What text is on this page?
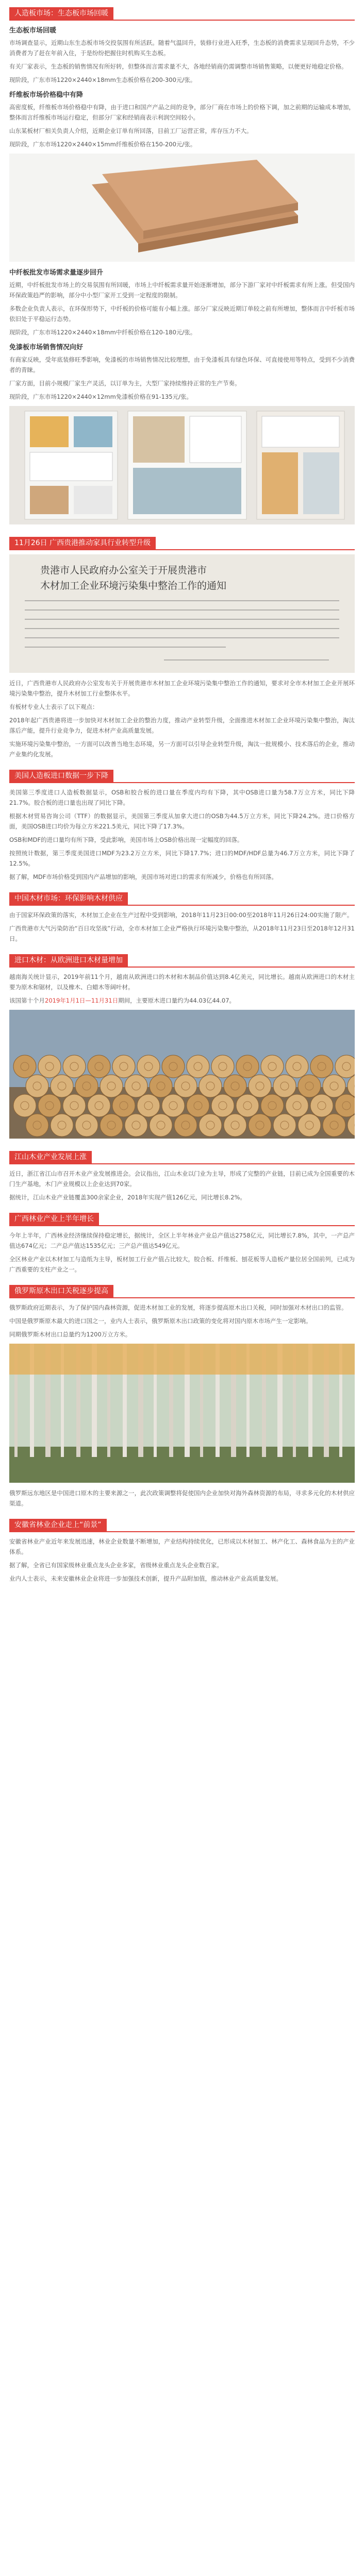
人造板市场：生态板市场回暖
生态板市场回暖

市场调查显示，近期山东生态板市场交投氛围有所活跃。随着气温回升，装修行业进入旺季，生态板的消费需求呈现回升态势，不少消费者为了赶在年前入住，于是纷纷把握住时机购买生态板。

有关厂家表示，生态板的销售情况有所好转，但整体而言需求量不大，各地经销商仍需调整市场销售策略，以便更好地稳定价格。

现阶段，广东市场1220×2440×18mm生态板价格在200-300元/张。

纤维板市场价格稳中有降

高密度板，纤维板市场价格稳中有降，由于进口和国产产品之间的竞争，部分厂商在市场上的价格下调，加之前期的运输成本增加，整体而言纤维板市场运行稳定，但部分厂家和经销商表示利润空间较小。

山东某板材厂相关负责人介绍，近期企业订单有所回落，目前工厂运营正常，库存压力不大。

现阶段，广东市场1220×2440×15mm纤维板价格在150-200元/张。

中纤板批发市场需求量逐步回升

近期，中纤板批发市场上的交易氛围有所回暖，市场上中纤板需求量开始逐渐增加，部分下游厂家对中纤板需求有所上涨。但受国内环保政策趋严的影响，部分中小型厂家开工受到一定程度的限制。

多数企业负责人表示，在环保形势下，中纤板的价格可能有小幅上涨。部分厂家反映近期订单较之前有所增加，整体而言中纤板市场依旧处于平稳运行态势。

现阶段，广东市场1220×2440×18mm中纤板价格在120-180元/张。

免漆板市场销售情况向好

有商家反映，受年底装修旺季影响，免漆板的市场销售情况比较理想，由于免漆板具有绿色环保、可直接使用等特点，受到不少消费者的青睐。

厂家方面，目前小规模厂家生产灵活，以订单为主，大型厂家持续维持正常的生产节奏。

现阶段，广东市场1220×2440×12mm免漆板价格在91-135元/张。

11月26日 广西贵港推动家具行业转型升级
贵港市人民政府办公室关于开展贵港市
木材加工企业环境污染集中整治工作的通知

近日，广西贵港市人民政府办公室发布关于开展贵港市木材加工企业环境污染集中整治工作的通知，要求对全市木材加工企业开展环境污染集中整治，提升木材加工行业整体水平。

有板材专业人士表示了以下观点：

2018年起广西贵港将进一步加快对木材加工企业的整治力度，推动产业转型升级，全面推进木材加工企业环境污染集中整治，淘汰落后产能，提升行业竞争力，促进木材产业高质量发展。

实施环境污染集中整治，一方面可以改善当地生态环境，另一方面可以引导企业转型升级，淘汰一批规模小、技术落后的企业，推动产业集约化发展。

美国人造板进口数据一步下降

美国第三季度进口人造板数据显示，OSB和胶合板的进口量在季度内均有下降，其中OSB进口量为58.7万立方米，同比下降21.7%。胶合板的进口量也出现了同比下降。

根据木材贸易咨询公司（TTF）的数据显示，美国第三季度从加拿大进口的OSB为44.5万立方米，同比下降24.2%。进口价格方面，美国OSB进口均价为每立方米221.5美元，同比下降了17.3%。

OSB和MDF的进口量均有所下降，受此影响，美国市场上OSB价格出现一定幅度的回落。

按照统计数据，第三季度美国进口MDF为23.2万立方米，同比下降17.7%；进口的MDF/HDF总量为46.7万立方米，同比下降了12.5%。

据了解，MDF市场价格受到国内产品增加的影响，美国市场对进口的需求有所减少，价格也有所回落。

中国木材市场：环保影响木材供应

由于国家环保政策的落实，木材加工企业在生产过程中受到影响，2018年11月23日00:00至2018年11月26日24:00实施了限产。

广西贵港市大气污染防治“百日攻坚战”行动，全市木材加工企业严格执行环境污染集中整治，从2018年11月23日至2018年12月31日。

进口木材：从欧洲进口木材量增加

越南海关统计显示，2019年前11个月，越南从欧洲进口的木材和木制品价值达到8.4亿美元，同比增长。越南从欧洲进口的木材主要为原木和锯材，以及橡木、白蜡木等阔叶材。

该国第十个月2019年1月1日—11月31日期间，主要原木进口量约为44.03亿44.07。

江山木业产业发展上涨

近日，浙江省江山市召开木业产业发展推进会。会议指出，江山木业以门业为主导，形成了完整的产业链，目前已成为全国重要的木门生产基地，木门产业规模以上企业达到70家。

据统计，江山木业产业链覆盖300余家企业，2018年实现产值126亿元，同比增长8.2%。

广西林业产业上半年增长

今年上半年，广西林业经济继续保持稳定增长，据统计，全区上半年林业产业总产值达2758亿元，同比增长7.8%，其中，一产总产值达674亿元；二产总产值达1535亿元；三产总产值达549亿元。

全区林业产业以木材加工与造纸为主导，板材加工行业产值占比较大，胶合板、纤维板、刨花板等人造板产量位居全国前列，已成为广西重要的支柱产业之一。

俄罗斯原木出口关税逐步提高

俄罗斯政府近期表示，为了保护国内森林资源，促进木材加工业的发展，将逐步提高原木出口关税，同时加强对木材出口的监管。

中国是俄罗斯原木最大的进口国之一，业内人士表示，俄罗斯原木出口政策的变化将对国内原木市场产生一定影响。

同期俄罗斯木材出口总量约为1200万立方米。

俄罗斯远东地区是中国进口原木的主要来源之一，此次政策调整将促使国内企业加快对海外森林资源的布局，寻求多元化的木材供应渠道。

安徽省林业企业走上“前景”

安徽省林业产业近年来发展迅速，林业企业数量不断增加，产业结构持续优化，已形成以木材加工、林产化工、森林食品为主的产业体系。

据了解，全省已有国家级林业重点龙头企业多家，省级林业重点龙头企业数百家。

业内人士表示，未来安徽林业企业将进一步加强技术创新，提升产品附加值，推动林业产业高质量发展。
